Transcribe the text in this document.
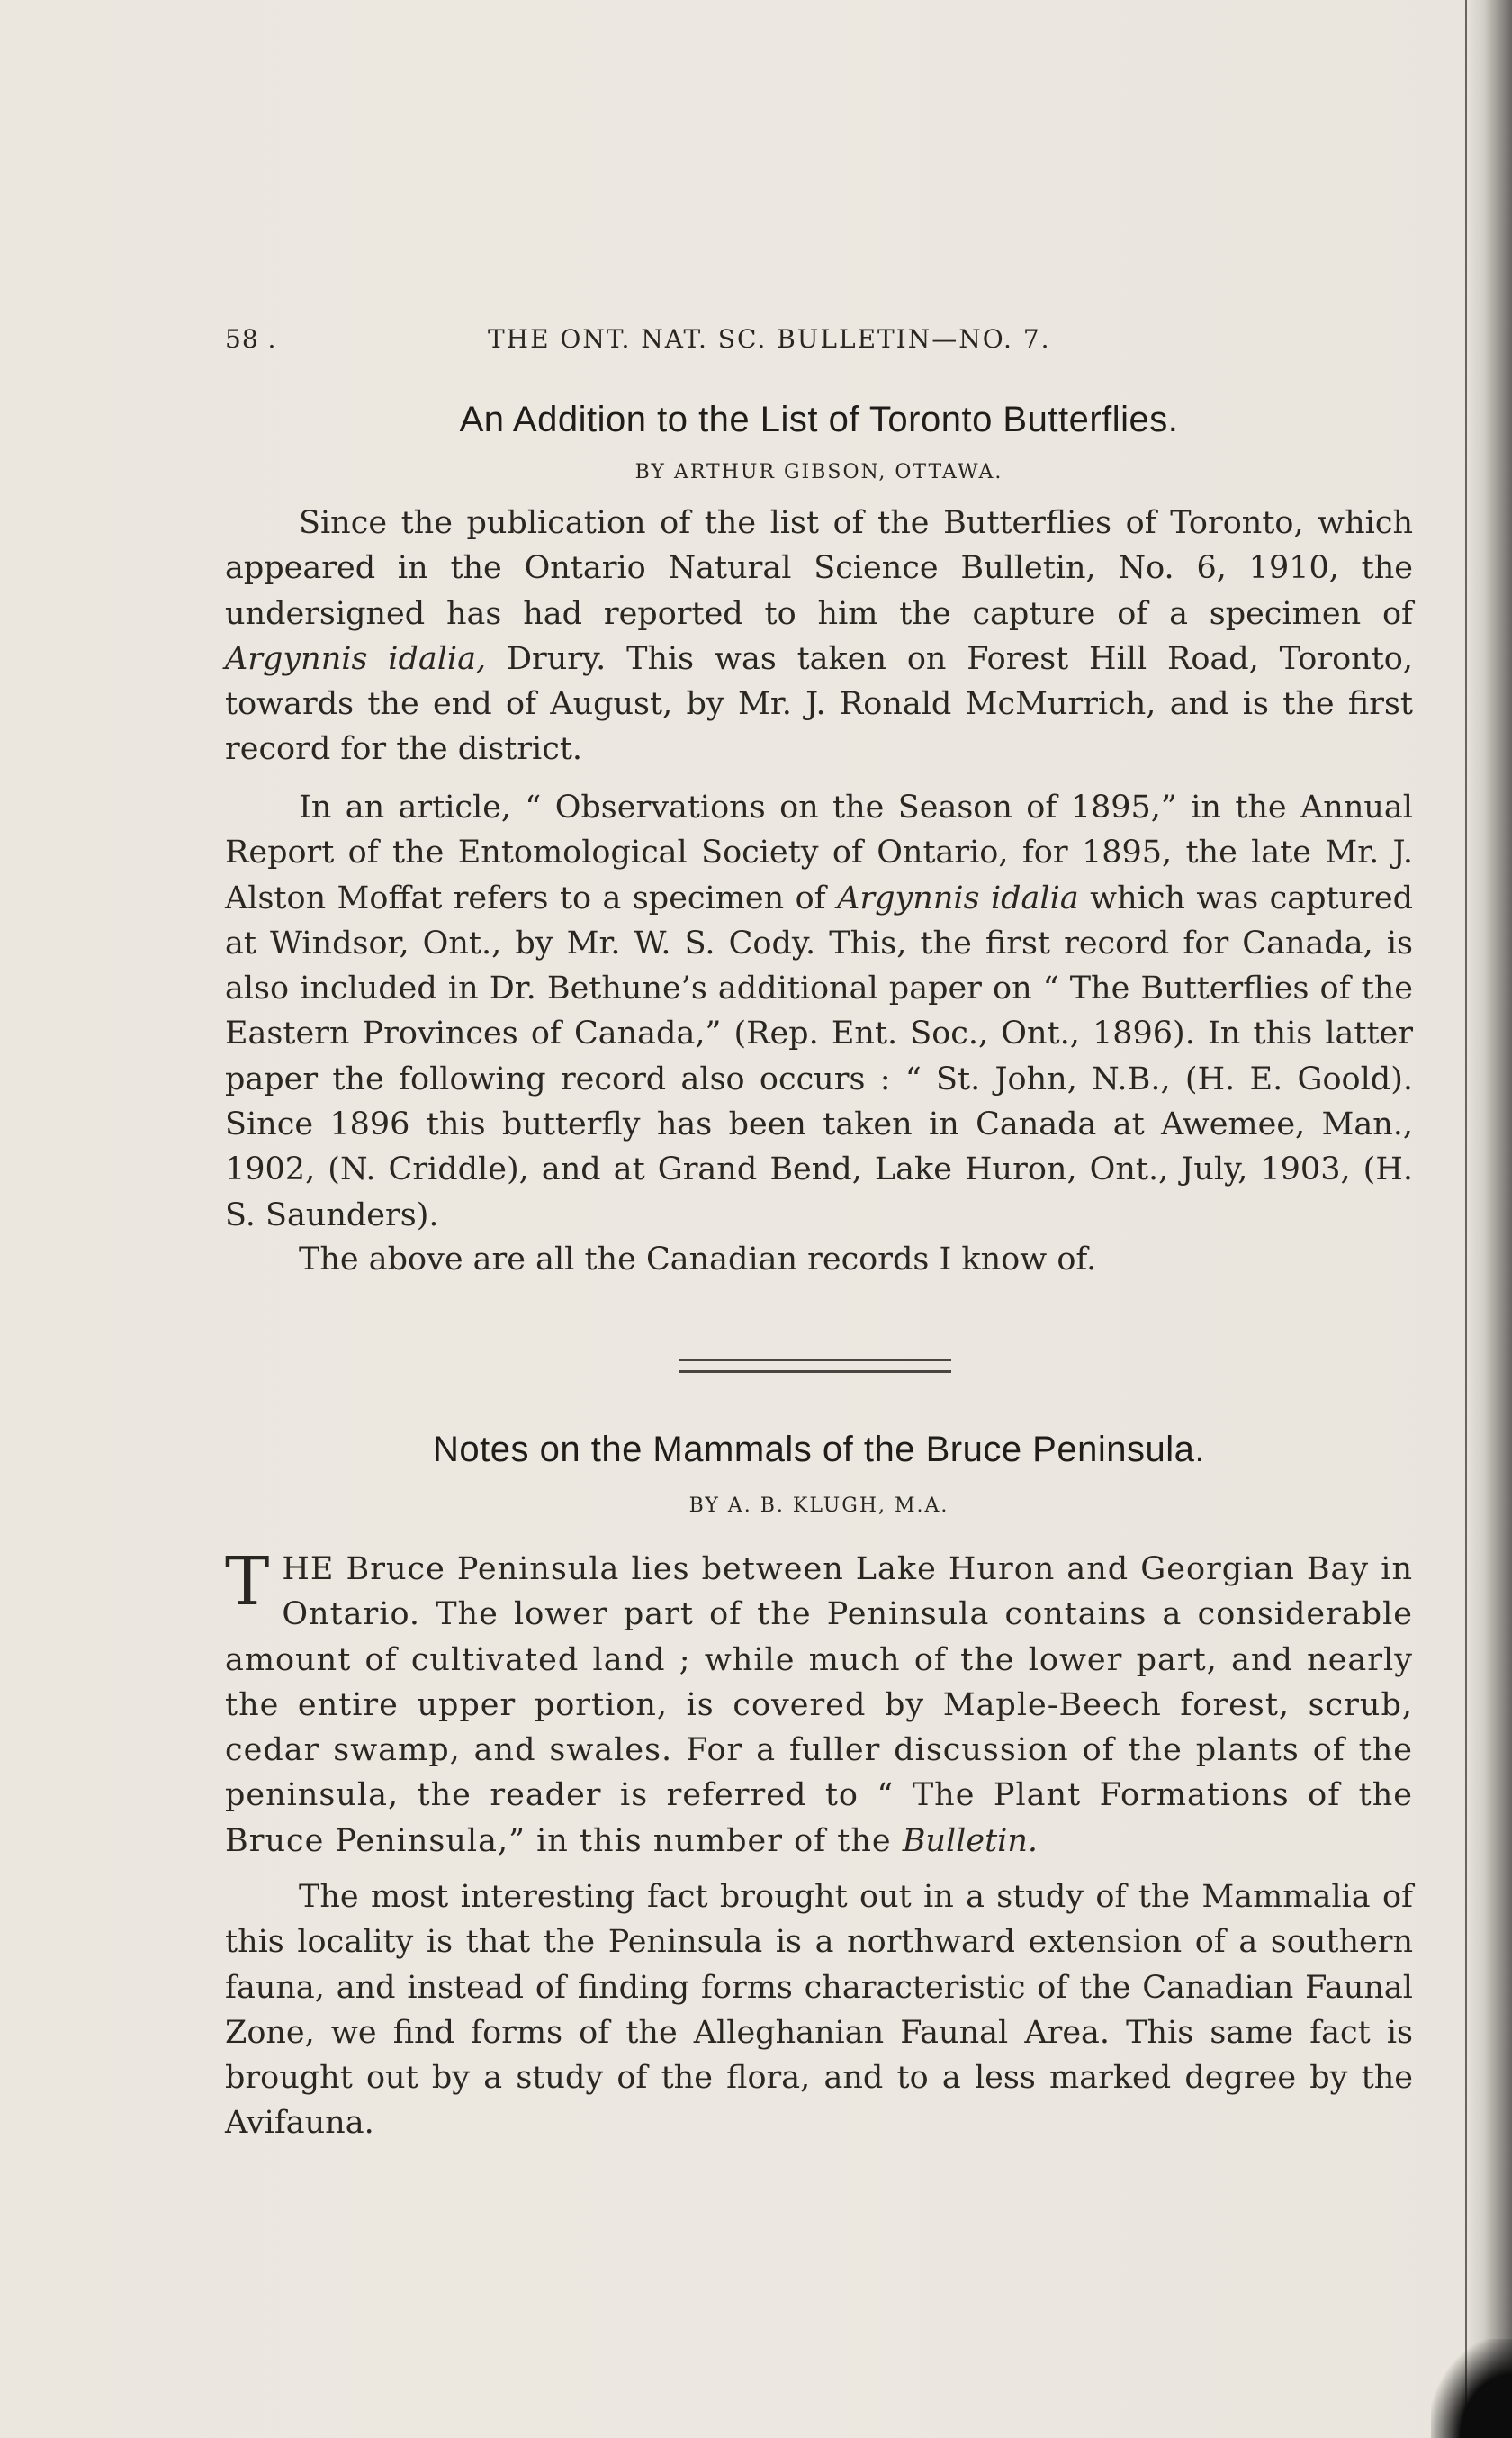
58 .	THE ONT. NAT. SC. BULLETIN—NO. 7.
An Addition to the List of Toronto Butterflies.
BY ARTHUR GIBSON, OTTAWA.

Since the publication of the list of the Butterflies of Toronto, which appeared in the Ontario Natural Science Bulletin, No. 6, 1910, the undersigned has had reported to him the capture of a specimen of Argynnis idalia, Drury. This was taken on Forest Hill Road, Toronto, towards the end of August, by Mr. J. Ronald McMurrich, and is the first record for the district.

In an article, “ Observations on the Season of 1895,” in the Annual Report of the Entomological Society of Ontario, for 1895, the late Mr. J. Alston Moffat refers to a specimen of Argynnis idalia which was captured at Windsor, Ont., by Mr. W. S. Cody. This, the first record for Canada, is also included in Dr. Bethune’s additional paper on “ The Butterflies of the Eastern Provinces of Canada,” (Rep. Ent. Soc., Ont., 1896). In this latter paper the following record also occurs : “ St. John, N.B., (H. E. Goold). Since 1896 this butterfly has been taken in Canada at Awemee, Man., 1902, (N. Criddle), and at Grand Bend, Lake Huron, Ont., July, 1903, (H. S. Saunders).

The above are all the Canadian records I know of.

Notes on the Mammals of the Bruce Peninsula.
BY A. B. KLUGH, M.A.

THE Bruce Peninsula lies between Lake Huron and Georgian Bay in Ontario. The lower part of the Peninsula contains a considerable amount of cultivated land ; while much of the lower part, and nearly the entire upper portion, is covered by Maple-Beech forest, scrub, cedar swamp, and swales. For a fuller discussion of the plants of the peninsula, the reader is referred to “ The Plant Formations of the Bruce Peninsula,” in this number of the Bulletin.

The most interesting fact brought out in a study of the Mammalia of this locality is that the Peninsula is a northward extension of a southern fauna, and instead of finding forms characteristic of the Canadian Faunal Zone, we find forms of the Alleghanian Faunal Area. This same fact is brought out by a study of the flora, and to a less marked degree by the Avifauna.
